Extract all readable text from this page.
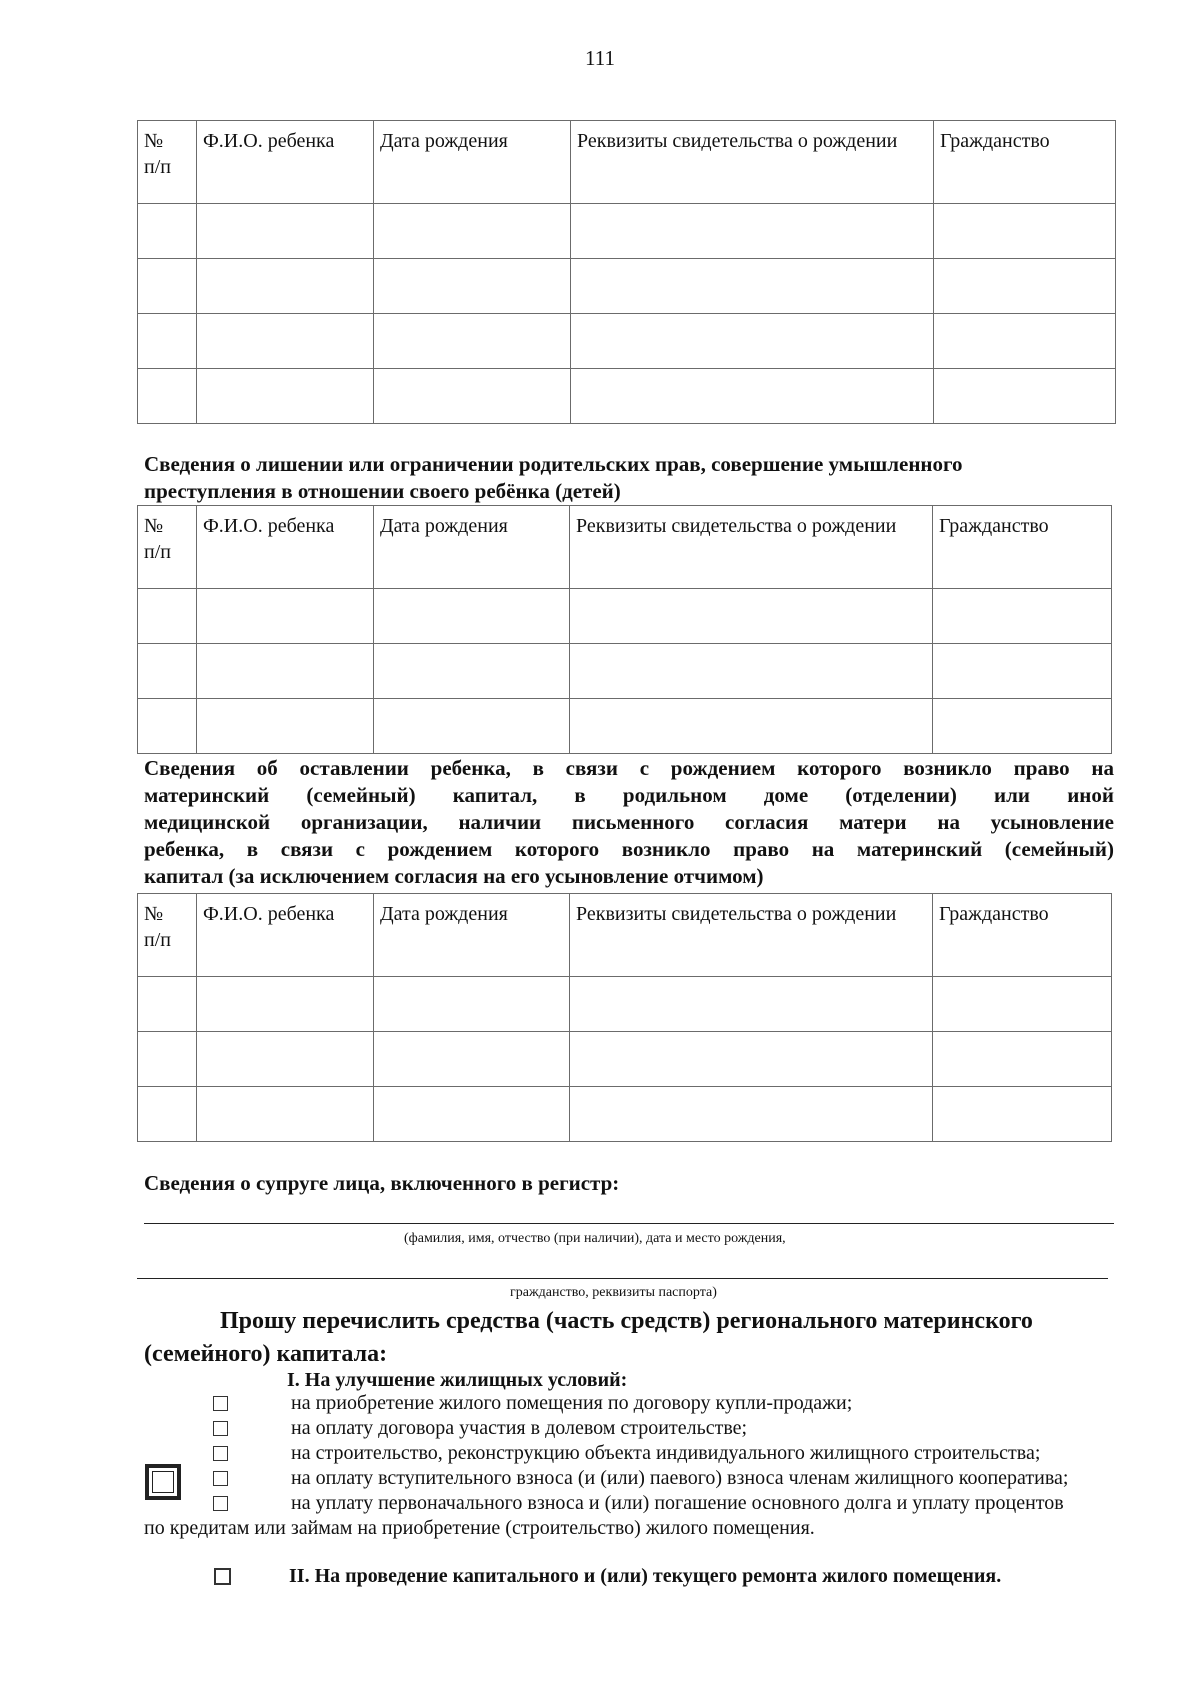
111
№
п/п	Ф.И.О. ребенка	Дата рождения	Реквизиты свидетельства о рождении	Гражданство

Сведения о лишении или ограничении родительских прав, совершение умышленного
преступления в отношении своего ребёнка (детей)
№
п/п	Ф.И.О. ребенка	Дата рождения	Реквизиты свидетельства о рождении	Гражданство

Сведения об оставлении ребенка, в связи с рождением которого возникло право на
материнский (семейный) капитал, в родильном доме (отделении) или иной
медицинской организации, наличии письменного согласия матери на усыновление
ребенка, в связи с рождением которого возникло право на материнский (семейный)
капитал (за исключением согласия на его усыновление отчимом)
№
п/п	Ф.И.О. ребенка	Дата рождения	Реквизиты свидетельства о рождении	Гражданство

Сведения о супруге лица, включенного в регистр:
(фамилия, имя, отчество (при наличии), дата и место рождения,
гражданство, реквизиты паспорта)
Прошу перечислить средства (часть средств) регионального материнского
(семейного) капитала:
I. На улучшение жилищных условий:
на приобретение жилого помещения по договору купли-продажи;
на оплату договора участия в долевом строительстве;
на строительство, реконструкцию объекта индивидуального жилищного строительства;
на оплату вступительного взноса (и (или) паевого) взноса членам жилищного кооператива;
на уплату первоначального взноса и (или) погашение основного долга и уплату процентов
по кредитам или займам на приобретение (строительство) жилого помещения.
II. На проведение капитального и (или) текущего ремонта жилого помещения.
